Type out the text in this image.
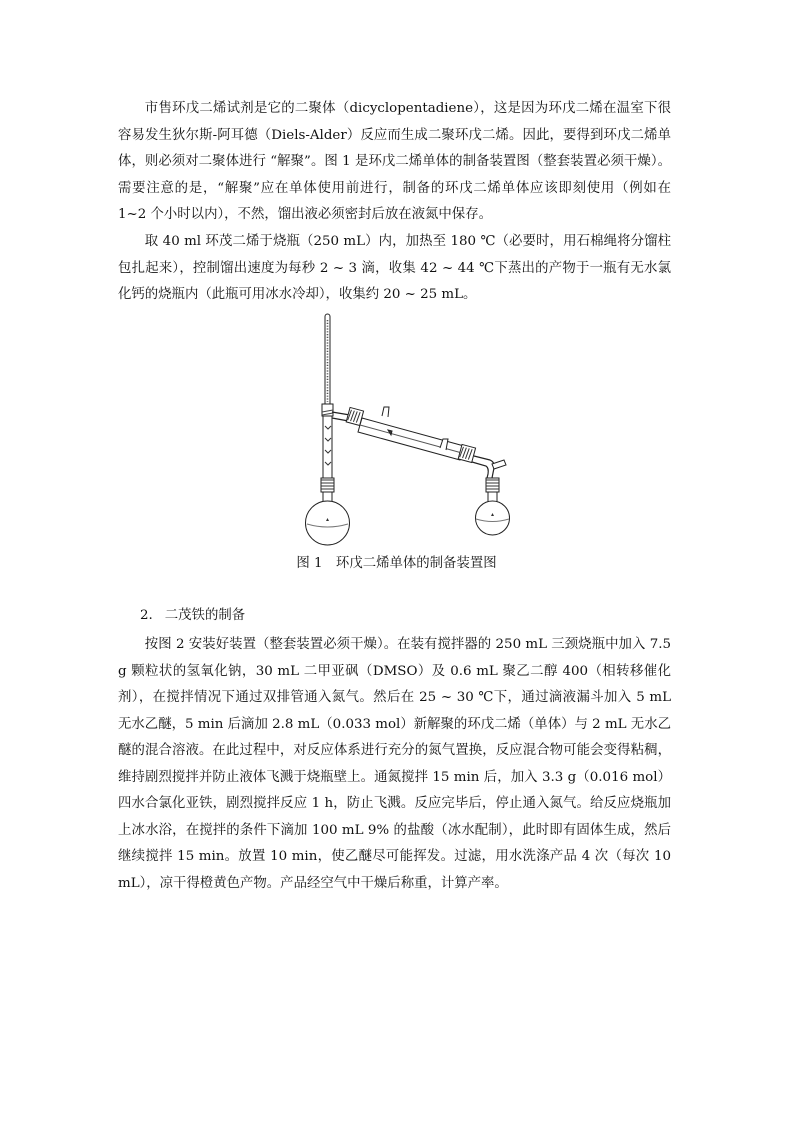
市售环戊二烯试剂是它的二聚体（dicyclopentadiene），这是因为环戊二烯在温室下很容易发生狄尔斯-阿耳德（Diels-Alder）反应而生成二聚环戊二烯。因此，要得到环戊二烯单体，则必须对二聚体进行 “解聚”。图 1 是环戊二烯单体的制备装置图（整套装置必须干燥）。需要注意的是，“解聚”应在单体使用前进行，制备的环戊二烯单体应该即刻使用（例如在 1~2 个小时以内），不然，馏出液必须密封后放在液氮中保存。

取 40 ml 环茂二烯于烧瓶（250 mL）内，加热至 180 ℃（必要时，用石棉绳将分馏柱包扎起来），控制馏出速度为每秒 2 ~ 3 滴，收集 42 ~ 44 ℃下蒸出的产物于一瓶有无水氯化钙的烧瓶内（此瓶可用冰水冷却），收集约 20 ~ 25 mL。

图 1　环戊二烯单体的制备装置图
2. 二茂铁的制备

按图 2 安装好装置（整套装置必须干燥）。在装有搅拌器的 250 mL 三颈烧瓶中加入 7.5 g 颗粒状的氢氧化钠，30 mL 二甲亚砜（DMSO）及 0.6 mL 聚乙二醇 400（相转移催化剂），在搅拌情况下通过双排管通入氮气。然后在 25 ~ 30 ℃下，通过滴液漏斗加入 5 mL 无水乙醚，5 min 后滴加 2.8 mL（0.033 mol）新解聚的环戊二烯（单体）与 2 mL 无水乙醚的混合溶液。在此过程中，对反应体系进行充分的氮气置换，反应混合物可能会变得粘稠，维持剧烈搅拌并防止液体飞溅于烧瓶壁上。通氮搅拌 15 min 后，加入 3.3 g（0.016 mol）四水合氯化亚铁，剧烈搅拌反应 1 h，防止飞溅。反应完毕后，停止通入氮气。给反应烧瓶加上冰水浴，在搅拌的条件下滴加 100 mL 9% 的盐酸（冰水配制），此时即有固体生成，然后继续搅拌 15 min。放置 10 min，使乙醚尽可能挥发。过滤，用水洗涤产品 4 次（每次 10 mL），凉干得橙黄色产物。产品经空气中干燥后称重，计算产率。
